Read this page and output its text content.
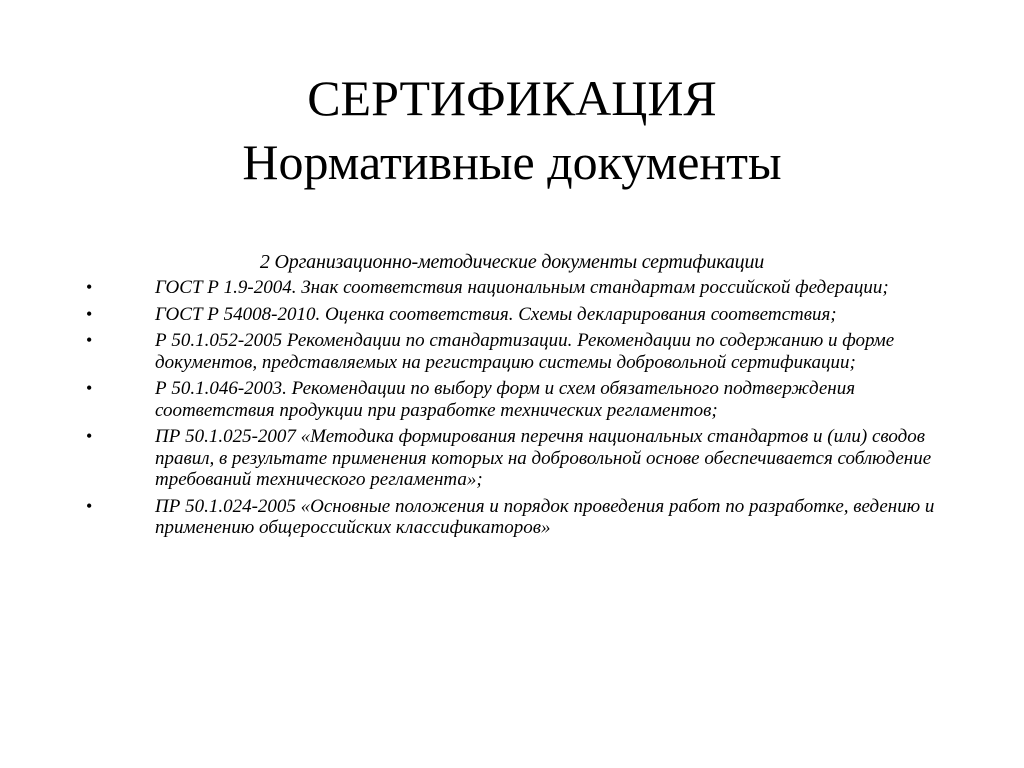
СЕРТИФИКАЦИЯ
Нормативные документы
2 Организационно-методические документы сертификации
•	ГОСТ Р 1.9-2004. Знак соответствия национальным стандартам российской федерации;
•	ГОСТ Р 54008-2010. Оценка соответствия. Схемы декларирования соответствия;
•	Р 50.1.052-2005 Рекомендации по стандартизации. Рекомендации по содержанию и форме документов, представляемых на регистрацию системы добровольной сертификации;
•	Р 50.1.046-2003. Рекомендации по выбору форм и схем обязательного подтверждения соответствия продукции при разработке технических регламентов;
•	ПР 50.1.025-2007 «Методика формирования перечня национальных стандартов и (или) сводов правил, в результате применения которых на добровольной основе обеспечивается соблюдение требований технического регламента»;
•	ПР 50.1.024-2005 «Основные положения и порядок проведения работ по разработке, ведению и применению общероссийских классификаторов»
